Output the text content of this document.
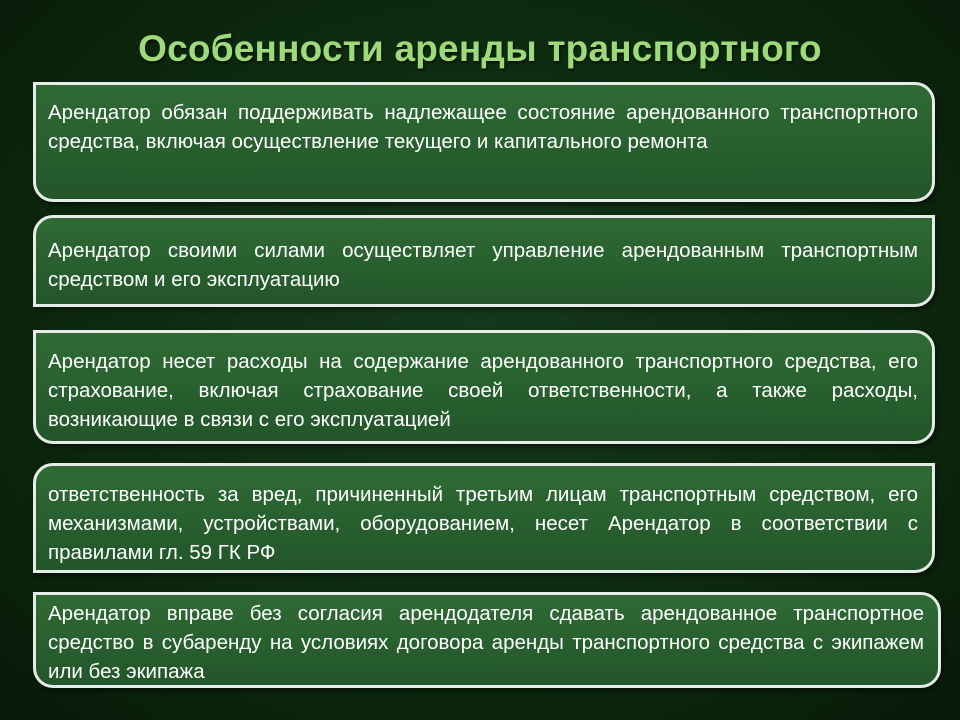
Особенности аренды транспортного
Арендатор обязан поддерживать надлежащее состояние арендованного транспортного средства, включая осуществление текущего и капитального ремонта
Арендатор своими силами осуществляет управление арендованным транспортным средством и его эксплуатацию
Арендатор несет расходы на содержание арендованного транспортного средства, его страхование, включая страхование своей ответственности, а также расходы, возникающие в связи с его эксплуатацией
ответственность за вред, причиненный третьим лицам транспортным средством, его механизмами, устройствами, оборудованием, несет Арендатор в соответствии с правилами гл. 59 ГК РФ
Арендатор вправе без согласия арендодателя сдавать арендованное транспортное средство в субаренду на условиях договора аренды транспортного средства с экипажем или без экипажа
